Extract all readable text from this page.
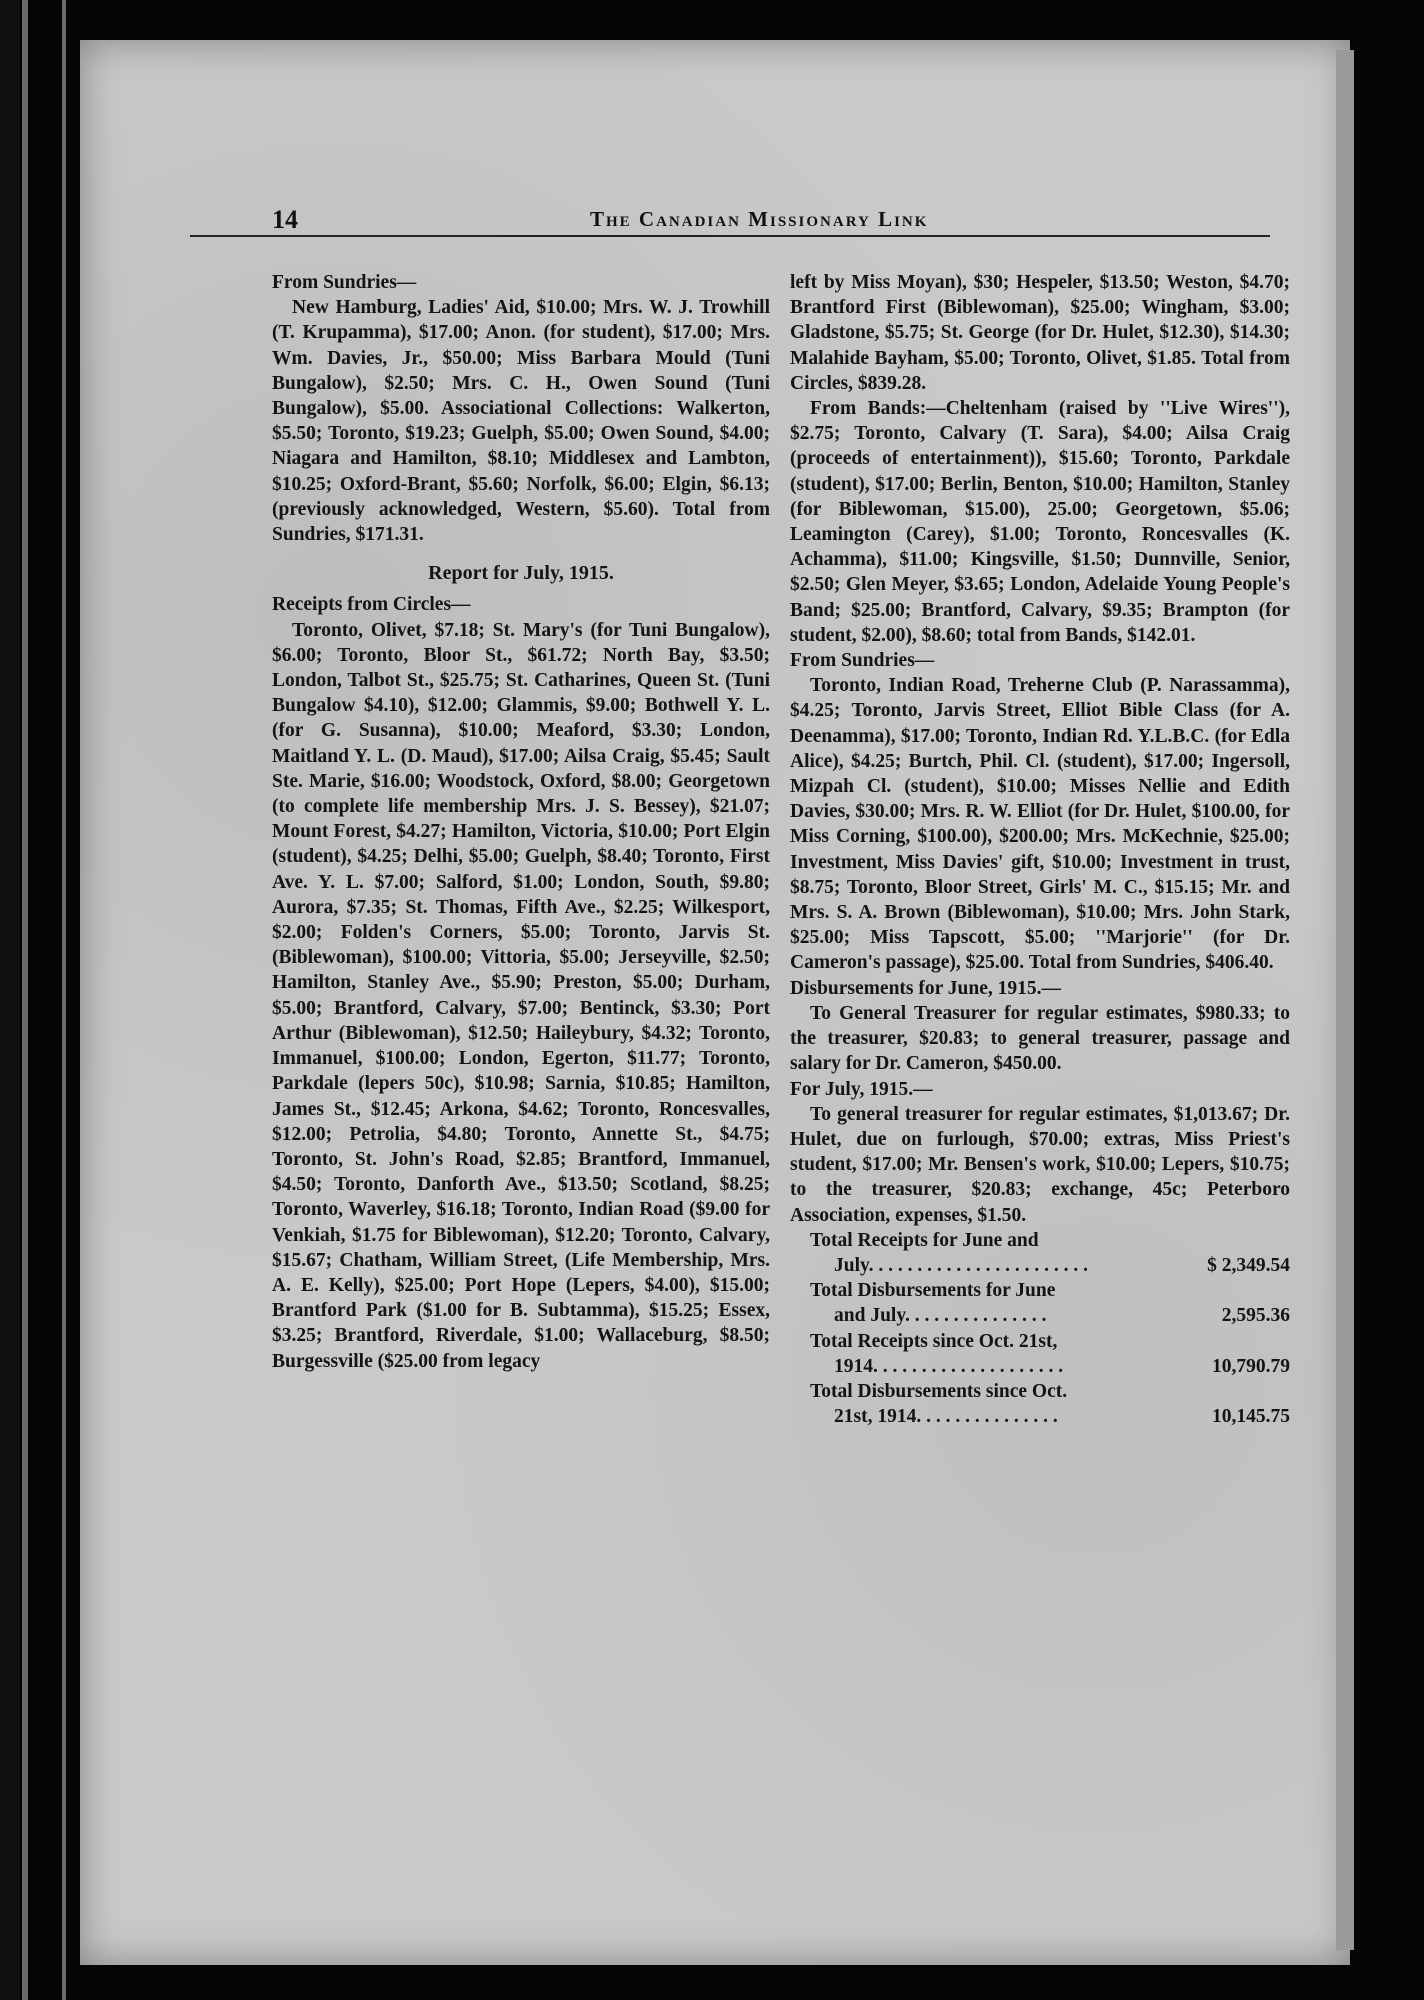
14	The Canadian Missionary Link

From Sundries—

New Hamburg, Ladies' Aid, $10.00; Mrs. W. J. Trowhill (T. Krupamma), $17.00; Anon. (for student), $17.00; Mrs. Wm. Davies, Jr., $50.00; Miss Barbara Mould (Tuni Bungalow), $2.50; Mrs. C. H., Owen Sound (Tuni Bungalow), $5.00. Associational Collections: Walkerton, $5.50; Toronto, $19.23; Guelph, $5.00; Owen Sound, $4.00; Niagara and Hamilton, $8.10; Middlesex and Lambton, $10.25; Oxford-Brant, $5.60; Norfolk, $6.00; Elgin, $6.13; (previously acknowledged, Western, $5.60). Total from Sundries, $171.31.

Report for July, 1915.

Receipts from Circles—

Toronto, Olivet, $7.18; St. Mary's (for Tuni Bungalow), $6.00; Toronto, Bloor St., $61.72; North Bay, $3.50; London, Talbot St., $25.75; St. Catharines, Queen St. (Tuni Bungalow $4.10), $12.00; Glammis, $9.00; Bothwell Y. L. (for G. Susanna), $10.00; Meaford, $3.30; London, Maitland Y. L. (D. Maud), $17.00; Ailsa Craig, $5.45; Sault Ste. Marie, $16.00; Woodstock, Oxford, $8.00; Georgetown (to complete life membership Mrs. J. S. Bessey), $21.07; Mount Forest, $4.27; Hamilton, Victoria, $10.00; Port Elgin (student), $4.25; Delhi, $5.00; Guelph, $8.40; Toronto, First Ave. Y. L. $7.00; Salford, $1.00; London, South, $9.80; Aurora, $7.35; St. Thomas, Fifth Ave., $2.25; Wilkesport, $2.00; Folden's Corners, $5.00; Toronto, Jarvis St. (Biblewoman), $100.00; Vittoria, $5.00; Jerseyville, $2.50; Hamilton, Stanley Ave., $5.90; Preston, $5.00; Durham, $5.00; Brantford, Calvary, $7.00; Bentinck, $3.30; Port Arthur (Biblewoman), $12.50; Haileybury, $4.32; Toronto, Immanuel, $100.00; London, Egerton, $11.77; Toronto, Parkdale (lepers 50c), $10.98; Sarnia, $10.85; Hamilton, James St., $12.45; Arkona, $4.62; Toronto, Roncesvalles, $12.00; Petrolia, $4.80; Toronto, Annette St., $4.75; Toronto, St. John's Road, $2.85; Brantford, Immanuel, $4.50; Toronto, Danforth Ave., $13.50; Scotland, $8.25; Toronto, Waverley, $16.18; Toronto, Indian Road ($9.00 for Venkiah, $1.75 for Biblewoman), $12.20; Toronto, Calvary, $15.67; Chatham, William Street, (Life Membership, Mrs. A. E. Kelly), $25.00; Port Hope (Lepers, $4.00), $15.00; Brantford Park ($1.00 for B. Subtamma), $15.25; Essex, $3.25; Brantford, Riverdale, $1.00; Wallaceburg, $8.50; Burgessville ($25.00 from legacy

left by Miss Moyan), $30; Hespeler, $13.50; Weston, $4.70; Brantford First (Biblewoman), $25.00; Wingham, $3.00; Gladstone, $5.75; St. George (for Dr. Hulet, $12.30), $14.30; Malahide Bayham, $5.00; Toronto, Olivet, $1.85. Total from Circles, $839.28.

From Bands:—Cheltenham (raised by ''Live Wires''), $2.75; Toronto, Calvary (T. Sara), $4.00; Ailsa Craig (proceeds of entertainment)), $15.60; Toronto, Parkdale (student), $17.00; Berlin, Benton, $10.00; Hamilton, Stanley (for Biblewoman, $15.00), 25.00; Georgetown, $5.06; Leamington (Carey), $1.00; Toronto, Roncesvalles (K. Achamma), $11.00; Kingsville, $1.50; Dunnville, Senior, $2.50; Glen Meyer, $3.65; London, Adelaide Young People's Band; $25.00; Brantford, Calvary, $9.35; Brampton (for student, $2.00), $8.60; total from Bands, $142.01.

From Sundries—

Toronto, Indian Road, Treherne Club (P. Narassamma), $4.25; Toronto, Jarvis Street, Elliot Bible Class (for A. Deenamma), $17.00; Toronto, Indian Rd. Y.L.B.C. (for Edla Alice), $4.25; Burtch, Phil. Cl. (student), $17.00; Ingersoll, Mizpah Cl. (student), $10.00; Misses Nellie and Edith Davies, $30.00; Mrs. R. W. Elliot (for Dr. Hulet, $100.00, for Miss Corning, $100.00), $200.00; Mrs. McKechnie, $25.00; Investment, Miss Davies' gift, $10.00; Investment in trust, $8.75; Toronto, Bloor Street, Girls' M. C., $15.15; Mr. and Mrs. S. A. Brown (Biblewoman), $10.00; Mrs. John Stark, $25.00; Miss Tapscott, $5.00; ''Marjorie'' (for Dr. Cameron's passage), $25.00. Total from Sundries, $406.40.

Disbursements for June, 1915.—

To General Treasurer for regular estimates, $980.33; to the treasurer, $20.83; to general treasurer, passage and salary for Dr. Cameron, $450.00.

For July, 1915.—

To general treasurer for regular estimates, $1,013.67; Dr. Hulet, due on furlough, $70.00; extras, Miss Priest's student, $17.00; Mr. Bensen's work, $10.00; Lepers, $10.75; to the treasurer, $20.83; exchange, 45c; Peterboro Association, expenses, $1.50.

Total Receipts for June and
July. . . . . . . . . . . . . . . . . . . . . . .	$ 2,349.54
Total Disbursements for June
and July. . . . . . . . . . . . . . .	2,595.36
Total Receipts since Oct. 21st,
1914. . . . . . . . . . . . . . . . . . . .	10,790.79
Total Disbursements since Oct.
21st, 1914. . . . . . . . . . . . . . .	10,145.75
